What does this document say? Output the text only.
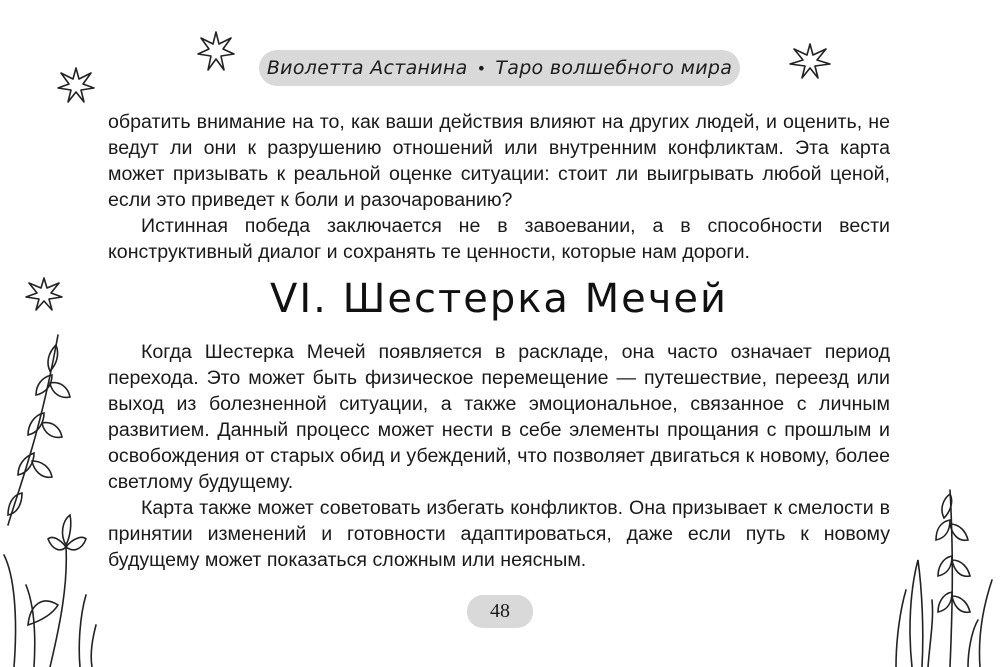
Виолетта Астанина • Таро волшебного мира

обратить внимание на то, как ваши действия влияют на других людей, и оценить, не ведут ли они к разрушению отношений или внутренним конфликтам. Эта карта может призывать к реальной оценке ситуации: стоит ли выигрывать любой ценой, если это приведет к боли и разочарованию?

Истинная победа заключается не в завоевании, а в способности вести конструктивный диалог и сохранять те ценности, которые нам дороги.

VI. Шестерка Мечей

Когда Шестерка Мечей появляется в раскладе, она часто означает период перехода. Это может быть физическое перемещение — путешествие, переезд или выход из болезненной ситуации, а также эмоциональное, связанное с личным развитием. Данный процесс может нести в себе элементы прощания с прошлым и освобождения от старых обид и убеждений, что позволяет двигаться к новому, более светлому будущему.

Карта также может советовать избегать конфликтов. Она призывает к смелости в принятии изменений и готовности адаптироваться, даже если путь к новому будущему может показаться сложным или неясным.

48
